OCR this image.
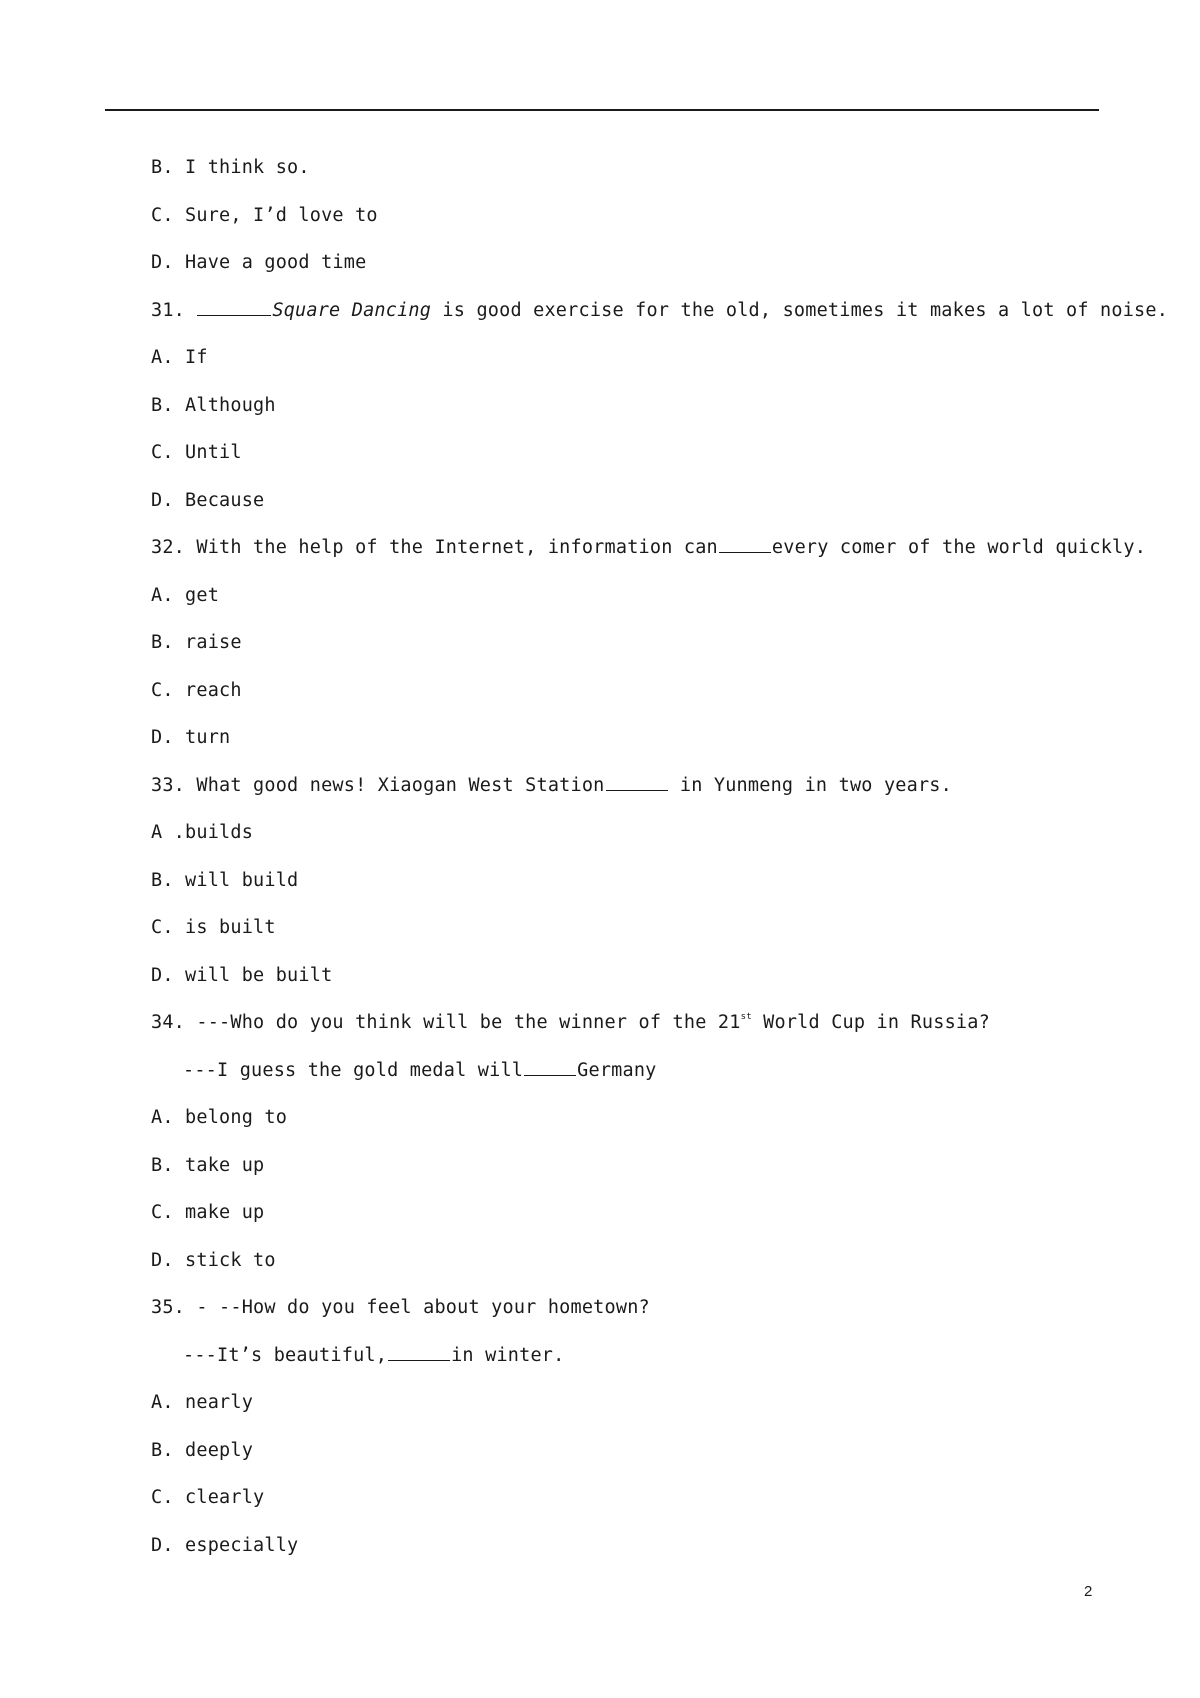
B. I think so.
C. Sure, I’d love to
D. Have a good time
31.	Square Dancing is good exercise for the old, sometimes it makes a lot of noise.
A. If
B. Although
C. Until
D. Because
32. With the help of the Internet, information can	every comer of the world quickly.
A. get
B. raise
C. reach
D. turn
33. What good news! Xiaogan West Station	in Yunmeng in two years.
A .builds
B. will build
C. is built
D. will be built
34. ---Who do you think will be the winner of the 21st World Cup in Russia?
---I guess the gold medal will	Germany
A. belong to
B. take up
C. make up
D. stick to
35. - --How do you feel about your hometown?
---It’s beautiful,	in winter.
A. nearly
B. deeply
C. clearly
D. especially
2
